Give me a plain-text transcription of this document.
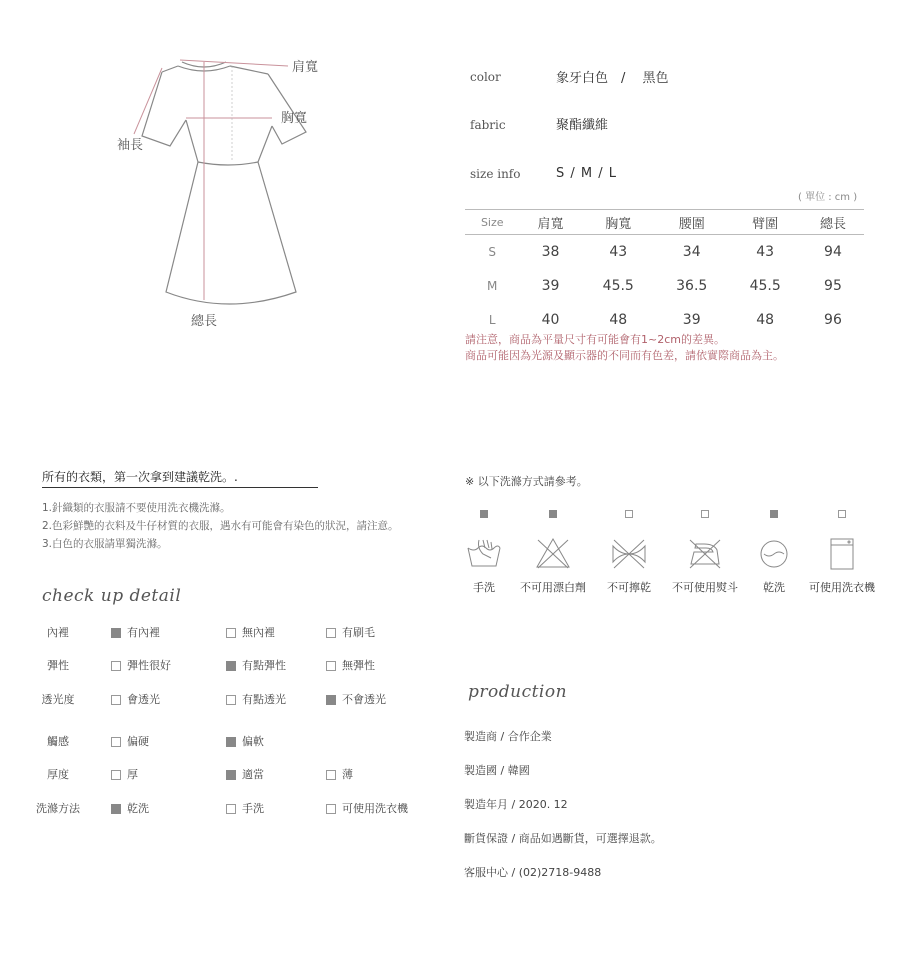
肩寬
胸寬
袖長
總長
color	象牙白色　/　 黑色
fabric	聚酯纖維
size info	S / M / L
( 單位 : cm )
Size	肩寬	胸寬	腰圍	臂圍	總長
S	38	43	34	43	94
M	39	45.5	36.5	45.5	95
L	40	48	39	48	96
請注意，商品為平量尺寸有可能會有1~2cm的差異。
商品可能因為光源及顯示器的不同而有色差，請依實際商品為主。
所有的衣類，第一次拿到建議乾洗。.
1.針織類的衣服請不要使用洗衣機洗滌。
2.色彩鮮艷的衣料及牛仔材質的衣服，遇水有可能會有染色的狀況，請注意。
3.白色的衣服請單獨洗滌。
check up detail
內裡	有內裡	無內裡	有刷毛
彈性	彈性很好	有點彈性	無彈性
透光度	會透光	有點透光	不會透光
觸感	偏硬	偏軟
厚度	厚	適當	薄
洗滌方法	乾洗	手洗	可使用洗衣機
※ 以下洗滌方式請參考。
手洗	不可用漂白劑	不可擰乾	不可使用熨斗	乾洗	可使用洗衣機
production
製造商 / 合作企業
製造國 / 韓國
製造年月 / 2020. 12
斷貨保證 / 商品如遇斷貨，可選擇退款。
客服中心 / (02)2718-9488
